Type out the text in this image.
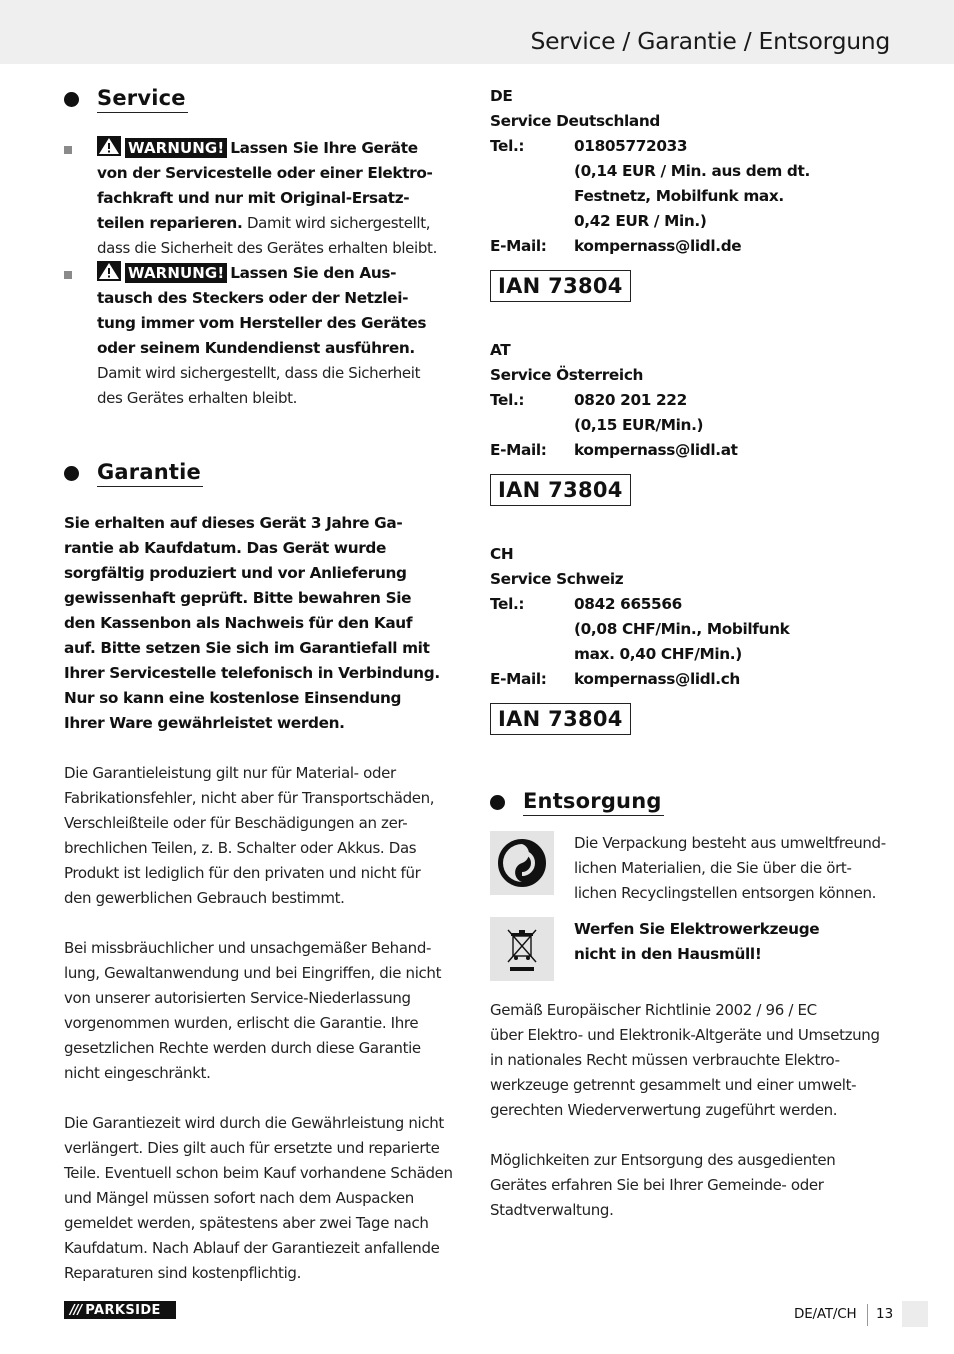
Service / Garantie / Entsorgung
Service
WARNUNG! Lassen Sie Ihre Geräte
von der Servicestelle oder einer Elektro-
fachkraft und nur mit Original-Ersatz-
teilen reparieren. Damit wird sichergestellt,
dass die Sicherheit des Gerätes erhalten bleibt.
WARNUNG! Lassen Sie den Aus-
tausch des Steckers oder der Netzlei-
tung immer vom Hersteller des Gerätes
oder seinem Kundendienst ausführen.
Damit wird sichergestellt, dass die Sicherheit
des Gerätes erhalten bleibt.
Garantie
Sie erhalten auf dieses Gerät 3 Jahre Ga-
rantie ab Kaufdatum. Das Gerät wurde
sorgfältig produziert und vor Anlieferung
gewissenhaft geprüft. Bitte bewahren Sie
den Kassenbon als Nachweis für den Kauf
auf. Bitte setzen Sie sich im Garantiefall mit
Ihrer Servicestelle telefonisch in Verbindung.
Nur so kann eine kostenlose Einsendung
Ihrer Ware gewährleistet werden.
Die Garantieleistung gilt nur für Material- oder
Fabrikationsfehler, nicht aber für Transportschäden,
Verschleißteile oder für Beschädigungen an zer-
brechlichen Teilen, z. B. Schalter oder Akkus. Das
Produkt ist lediglich für den privaten und nicht für
den gewerblichen Gebrauch bestimmt.
Bei missbräuchlicher und unsachgemäßer Behand-
lung, Gewaltanwendung und bei Eingriffen, die nicht
von unserer autorisierten Service-Niederlassung
vorgenommen wurden, erlischt die Garantie. Ihre
gesetzlichen Rechte werden durch diese Garantie
nicht eingeschränkt.
Die Garantiezeit wird durch die Gewährleistung nicht
verlängert. Dies gilt auch für ersetzte und reparierte
Teile. Eventuell schon beim Kauf vorhandene Schäden
und Mängel müssen sofort nach dem Auspacken
gemeldet werden, spätestens aber zwei Tage nach
Kaufdatum. Nach Ablauf der Garantiezeit anfallende
Reparaturen sind kostenpflichtig.
DE
Service Deutschland
Tel.:	01805772033
(0,14 EUR / Min. aus dem dt.
Festnetz, Mobilfunk max.
0,42 EUR / Min.)
E-Mail:	kompernass@lidl.de
IAN 73804
AT
Service Österreich
Tel.:	0820 201 222
(0,15 EUR/Min.)
E-Mail:	kompernass@lidl.at
IAN 73804
CH
Service Schweiz
Tel.:	0842 665566
(0,08 CHF/Min., Mobilfunk
max. 0,40 CHF/Min.)
E-Mail:	kompernass@lidl.ch
IAN 73804
Entsorgung
Die Verpackung besteht aus umweltfreund-
lichen Materialien, die Sie über die ört-
lichen Recyclingstellen entsorgen können.
Werfen Sie Elektrowerkzeuge
nicht in den Hausmüll!
Gemäß Europäischer Richtlinie 2002 / 96 / EC
über Elektro- und Elektronik-Altgeräte und Umsetzung
in nationales Recht müssen verbrauchte Elektro-
werkzeuge getrennt gesammelt und einer umwelt-
gerechten Wiederverwertung zugeführt werden.
Möglichkeiten zur Entsorgung des ausgedienten
Gerätes erfahren Sie bei Ihrer Gemeinde- oder
Stadtverwaltung.
/// PARKSIDE	DE/AT/CH 13
